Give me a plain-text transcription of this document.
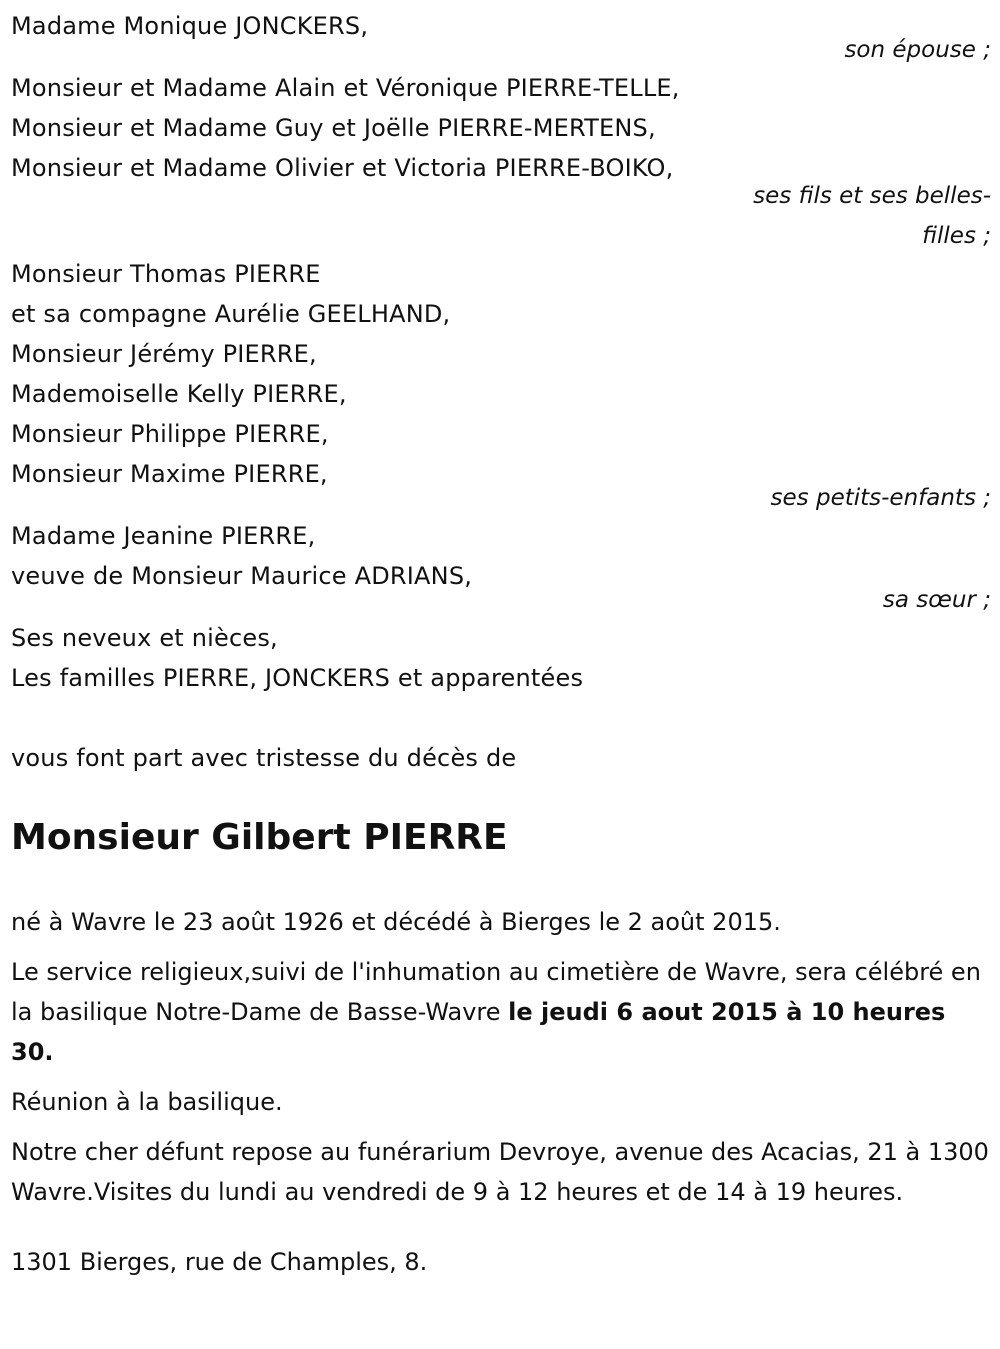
Madame Monique JONCKERS,
son épouse ;
Monsieur et Madame Alain et Véronique PIERRE-TELLE,
Monsieur et Madame Guy et Joëlle PIERRE-MERTENS,
Monsieur et Madame Olivier et Victoria PIERRE-BOIKO,
ses fils et ses belles-
filles ;
Monsieur Thomas PIERRE
et sa compagne Aurélie GEELHAND,
Monsieur Jérémy PIERRE,
Mademoiselle Kelly PIERRE,
Monsieur Philippe PIERRE,
Monsieur Maxime PIERRE,
ses petits-enfants ;
Madame Jeanine PIERRE,
veuve de Monsieur Maurice ADRIANS,
sa sœur ;
Ses neveux et nièces,
Les familles PIERRE, JONCKERS et apparentées
vous font part avec tristesse du décès de
Monsieur Gilbert PIERRE
né à Wavre le 23 août 1926 et décédé à Bierges le 2 août 2015.
Le service religieux,suivi de l'inhumation au cimetière de Wavre, sera célébré en la basilique Notre-Dame de Basse-Wavre le jeudi 6 aout 2015 à 10 heures 30.
Réunion à la basilique.
Notre cher défunt repose au funérarium Devroye, avenue des Acacias, 21 à 1300 Wavre.Visites du lundi au vendredi de 9 à 12 heures et de 14 à 19 heures.
1301 Bierges, rue de Champles, 8.
